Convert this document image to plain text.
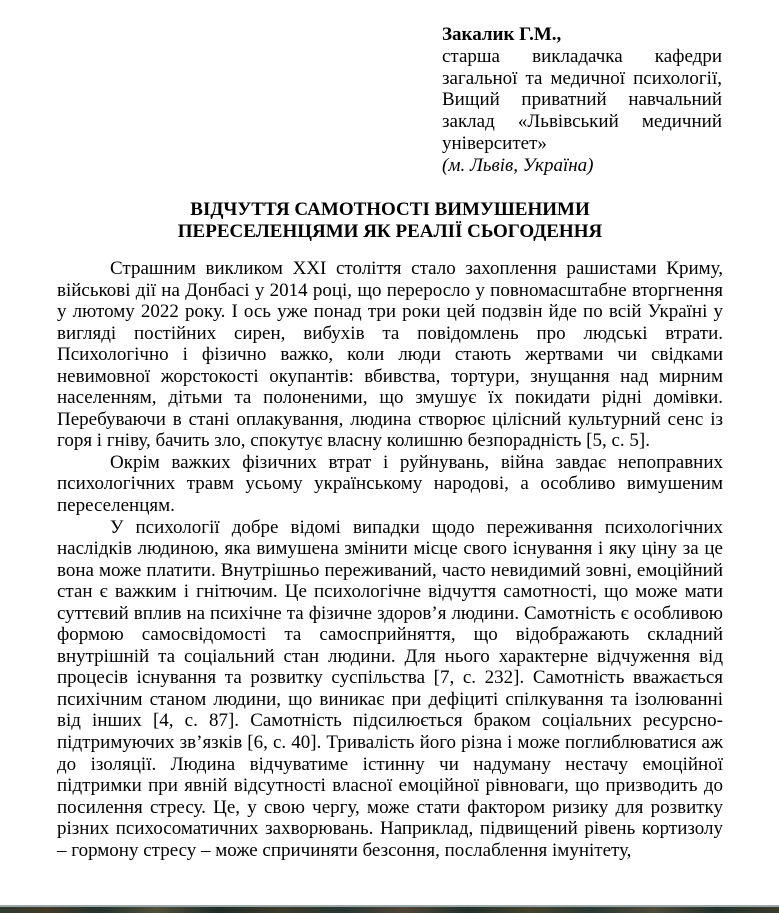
Закалик Г.М.,
старша викладачка кафедри
загальної та медичної психології,
Вищий приватний навчальний
заклад «Львівський медичний
університет»
(м. Львів, Україна)
ВІДЧУТТЯ САМОТНОСТІ ВИМУШЕНИМИ
ПЕРЕСЕЛЕНЦЯМИ ЯК РЕАЛІЇ СЬОГОДЕННЯ

Страшним викликом ХХІ століття стало захоплення рашистами Криму, військові дії на Донбасі у 2014 році, що переросло у повномасштабне вторгнення у лютому 2022 року. І ось уже понад три роки цей подзвін йде по всій Україні у вигляді постійних сирен, вибухів та повідомлень про людські втрати. Психологічно і фізично важко, коли люди стають жертвами чи свідками невимовної жорстокості окупантів: вбивства, тортури, знущання над мирним населенням, дітьми та полоненими, що змушує їх покидати рідні домівки. Перебуваючи в стані оплакування, людина створює цілісний культурний сенс із горя і гніву, бачить зло, спокутує власну колишню безпорадність [5, с. 5].

Окрім важких фізичних втрат і руйнувань, війна завдає непоправних психологічних травм усьому українському народові, а особливо вимушеним переселенцям.

У психології добре відомі випадки щодо переживання психологічних наслідків людиною, яка вимушена змінити місце свого існування і яку ціну за це вона може платити. Внутрішньо переживаний, часто невидимий зовні, емоційний стан є важким і гнітючим. Це психологічне відчуття самотності, що може мати суттєвий вплив на психічне та фізичне здоров’я людини. Самотність є особливою формою самосвідомості та самосприйняття, що відображають складний внутрішній та соціальний стан людини. Для нього характерне відчуження від процесів існування та розвитку суспільства [7, с. 232]. Самотність вважається психічним станом людини, що виникає при дефіциті спілкування та ізолюванні від інших [4, с. 87]. Самотність підсилюється браком соціальних ресурсно-підтримуючих зв’язків [6, с. 40]. Тривалість його різна і може поглиблюватися аж до ізоляції. Людина відчуватиме істинну чи надуману нестачу емоційної підтримки при явній відсутності власної емоційної рівноваги, що призводить до посилення стресу. Це, у свою чергу, може стати фактором ризику для розвитку різних психосоматичних захворювань. Наприклад, підвищений рівень кортизолу – гормону стресу – може спричиняти безсоння, послаблення імунітету,
